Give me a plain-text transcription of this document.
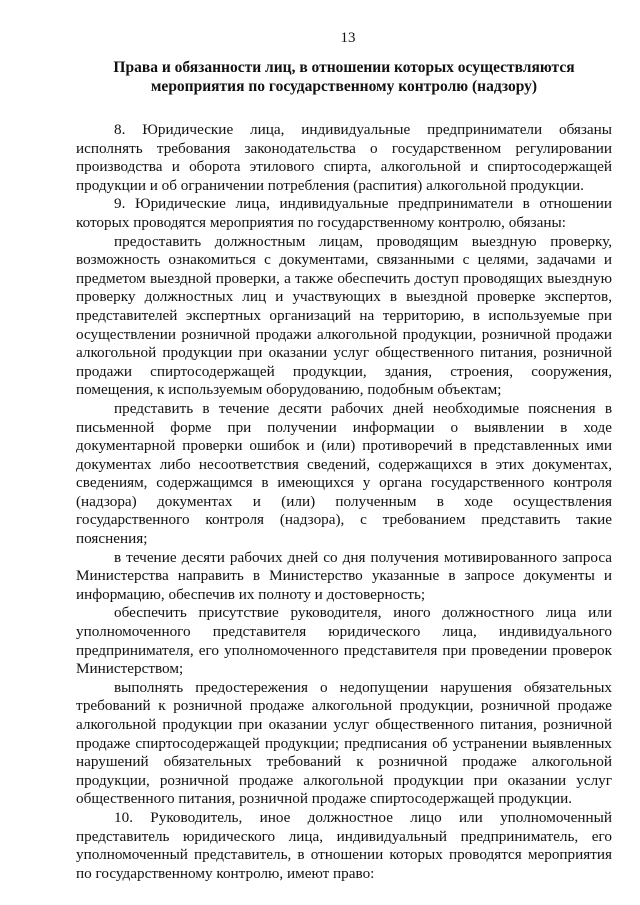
13
Права и обязанности лиц, в отношении которых осуществляются мероприятия по государственному контролю (надзору)

8. Юридические лица, индивидуальные предприниматели обязаны исполнять требования законодательства о государственном регулировании производства и оборота этилового спирта, алкогольной и спиртосодержащей продукции и об ограничении потребления (распития) алкогольной продукции.

9. Юридические лица, индивидуальные предприниматели в отношении которых проводятся мероприятия по государственному контролю, обязаны:

предоставить должностным лицам, проводящим выездную проверку, возможность ознакомиться с документами, связанными с целями, задачами и предметом выездной проверки, а также обеспечить доступ проводящих выездную проверку должностных лиц и участвующих в выездной проверке экспертов, представителей экспертных организаций на территорию, в используемые при осуществлении розничной продажи алкогольной продукции, розничной продажи алкогольной продукции при оказании услуг общественного питания, розничной продажи спиртосодержащей продукции, здания, строения, сооружения, помещения, к используемым оборудованию, подобным объектам;

представить в течение десяти рабочих дней необходимые пояснения в письменной форме при получении информации о выявлении в ходе документарной проверки ошибок и (или) противоречий в представленных ими документах либо несоответствия сведений, содержащихся в этих документах, сведениям, содержащимся в имеющихся у органа государственного контроля (надзора) документах и (или) полученным в ходе осуществления государственного контроля (надзора), с требованием представить такие пояснения;

в течение десяти рабочих дней со дня получения мотивированного запроса Министерства направить в Министерство указанные в запросе документы и информацию, обеспечив их полноту и достоверность;

обеспечить присутствие руководителя, иного должностного лица или уполномоченного представителя юридического лица, индивидуального предпринимателя, его уполномоченного представителя при проведении проверок Министерством;

выполнять предостережения о недопущении нарушения обязательных требований к розничной продаже алкогольной продукции, розничной продаже алкогольной продукции при оказании услуг общественного питания, розничной продаже спиртосодержащей продукции; предписания об устранении выявленных нарушений обязательных требований к розничной продаже алкогольной продукции, розничной продаже алкогольной продукции при оказании услуг общественного питания, розничной продаже спиртосодержащей продукции.

10. Руководитель, иное должностное лицо или уполномоченный представитель юридического лица, индивидуальный предприниматель, его уполномоченный представитель, в отношении которых проводятся мероприятия по государственному контролю, имеют право:
